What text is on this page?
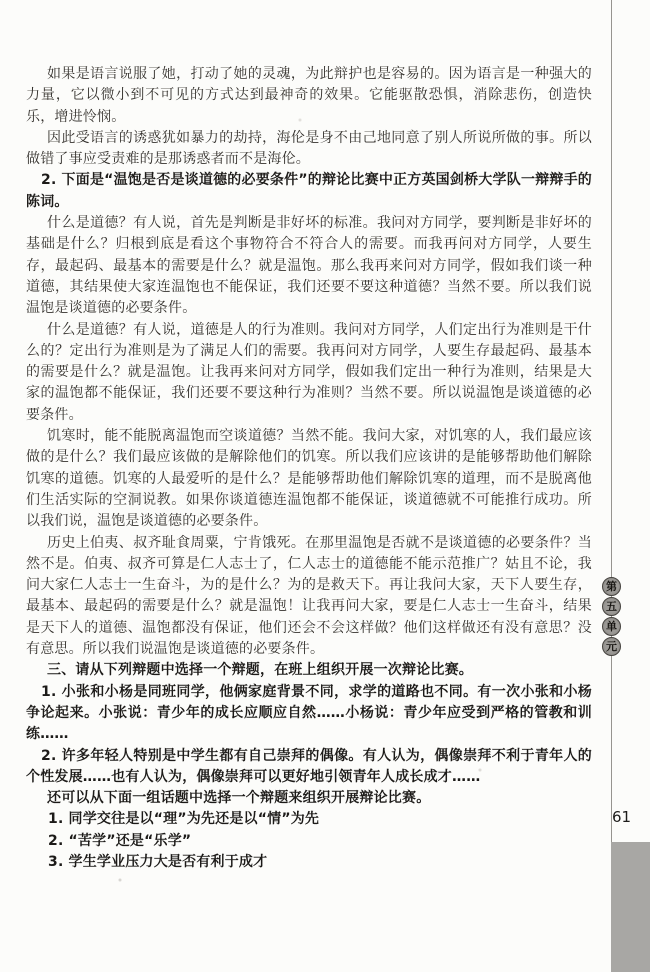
如果是语言说服了她，打动了她的灵魂，为此辩护也是容易的。因为语言是一种强大的力量，它以微小到不可见的方式达到最神奇的效果。它能驱散恐惧，消除悲伤，创造快乐，增进怜悯。

因此受语言的诱惑犹如暴力的劫持，海伦是身不由己地同意了别人所说所做的事。所以做错了事应受责难的是那诱惑者而不是海伦。

2. 下面是“温饱是否是谈道德的必要条件”的辩论比赛中正方英国剑桥大学队一辩辩手的陈词。

什么是道德？有人说，首先是判断是非好坏的标准。我问对方同学，要判断是非好坏的基础是什么？归根到底是看这个事物符合不符合人的需要。而我再问对方同学，人要生存，最起码、最基本的需要是什么？就是温饱。那么我再来问对方同学，假如我们谈一种道德，其结果使大家连温饱也不能保证，我们还要不要这种道德？当然不要。所以我们说温饱是谈道德的必要条件。

什么是道德？有人说，道德是人的行为准则。我问对方同学，人们定出行为准则是干什么的？定出行为准则是为了满足人们的需要。我再问对方同学，人要生存最起码、最基本的需要是什么？就是温饱。让我再来问对方同学，假如我们定出一种行为准则，结果是大家的温饱都不能保证，我们还要不要这种行为准则？当然不要。所以说温饱是谈道德的必要条件。

饥寒时，能不能脱离温饱而空谈道德？当然不能。我问大家，对饥寒的人，我们最应该做的是什么？我们最应该做的是解除他们的饥寒。所以我们应该讲的是能够帮助他们解除饥寒的道德。饥寒的人最爱听的是什么？是能够帮助他们解除饥寒的道理，而不是脱离他们生活实际的空洞说教。如果你谈道德连温饱都不能保证，谈道德就不可能推行成功。所以我们说，温饱是谈道德的必要条件。

历史上伯夷、叔齐耻食周粟，宁肯饿死。在那里温饱是否就不是谈道德的必要条件？当然不是。伯夷、叔齐可算是仁人志士了，仁人志士的道德能不能示范推广？姑且不论，我问大家仁人志士一生奋斗，为的是什么？为的是救天下。再让我问大家，天下人要生存，最基本、最起码的需要是什么？就是温饱！让我再问大家，要是仁人志士一生奋斗，结果是天下人的道德、温饱都没有保证，他们还会不会这样做？他们这样做还有没有意思？没有意思。所以我们说温饱是谈道德的必要条件。

三、请从下列辩题中选择一个辩题，在班上组织开展一次辩论比赛。

1. 小张和小杨是同班同学，他俩家庭背景不同，求学的道路也不同。有一次小张和小杨争论起来。小张说：青少年的成长应顺应自然……小杨说：青少年应受到严格的管教和训练……

2. 许多年轻人特别是中学生都有自己崇拜的偶像。有人认为，偶像崇拜不利于青年人的个性发展……也有人认为，偶像崇拜可以更好地引领青年人成长成才……

还可以从下面一组话题中选择一个辩题来组织开展辩论比赛。

1. 同学交往是以“理”为先还是以“情”为先

2. “苦学”还是“乐学”

3. 学生学业压力大是否有利于成才

第
五
单
元
61
